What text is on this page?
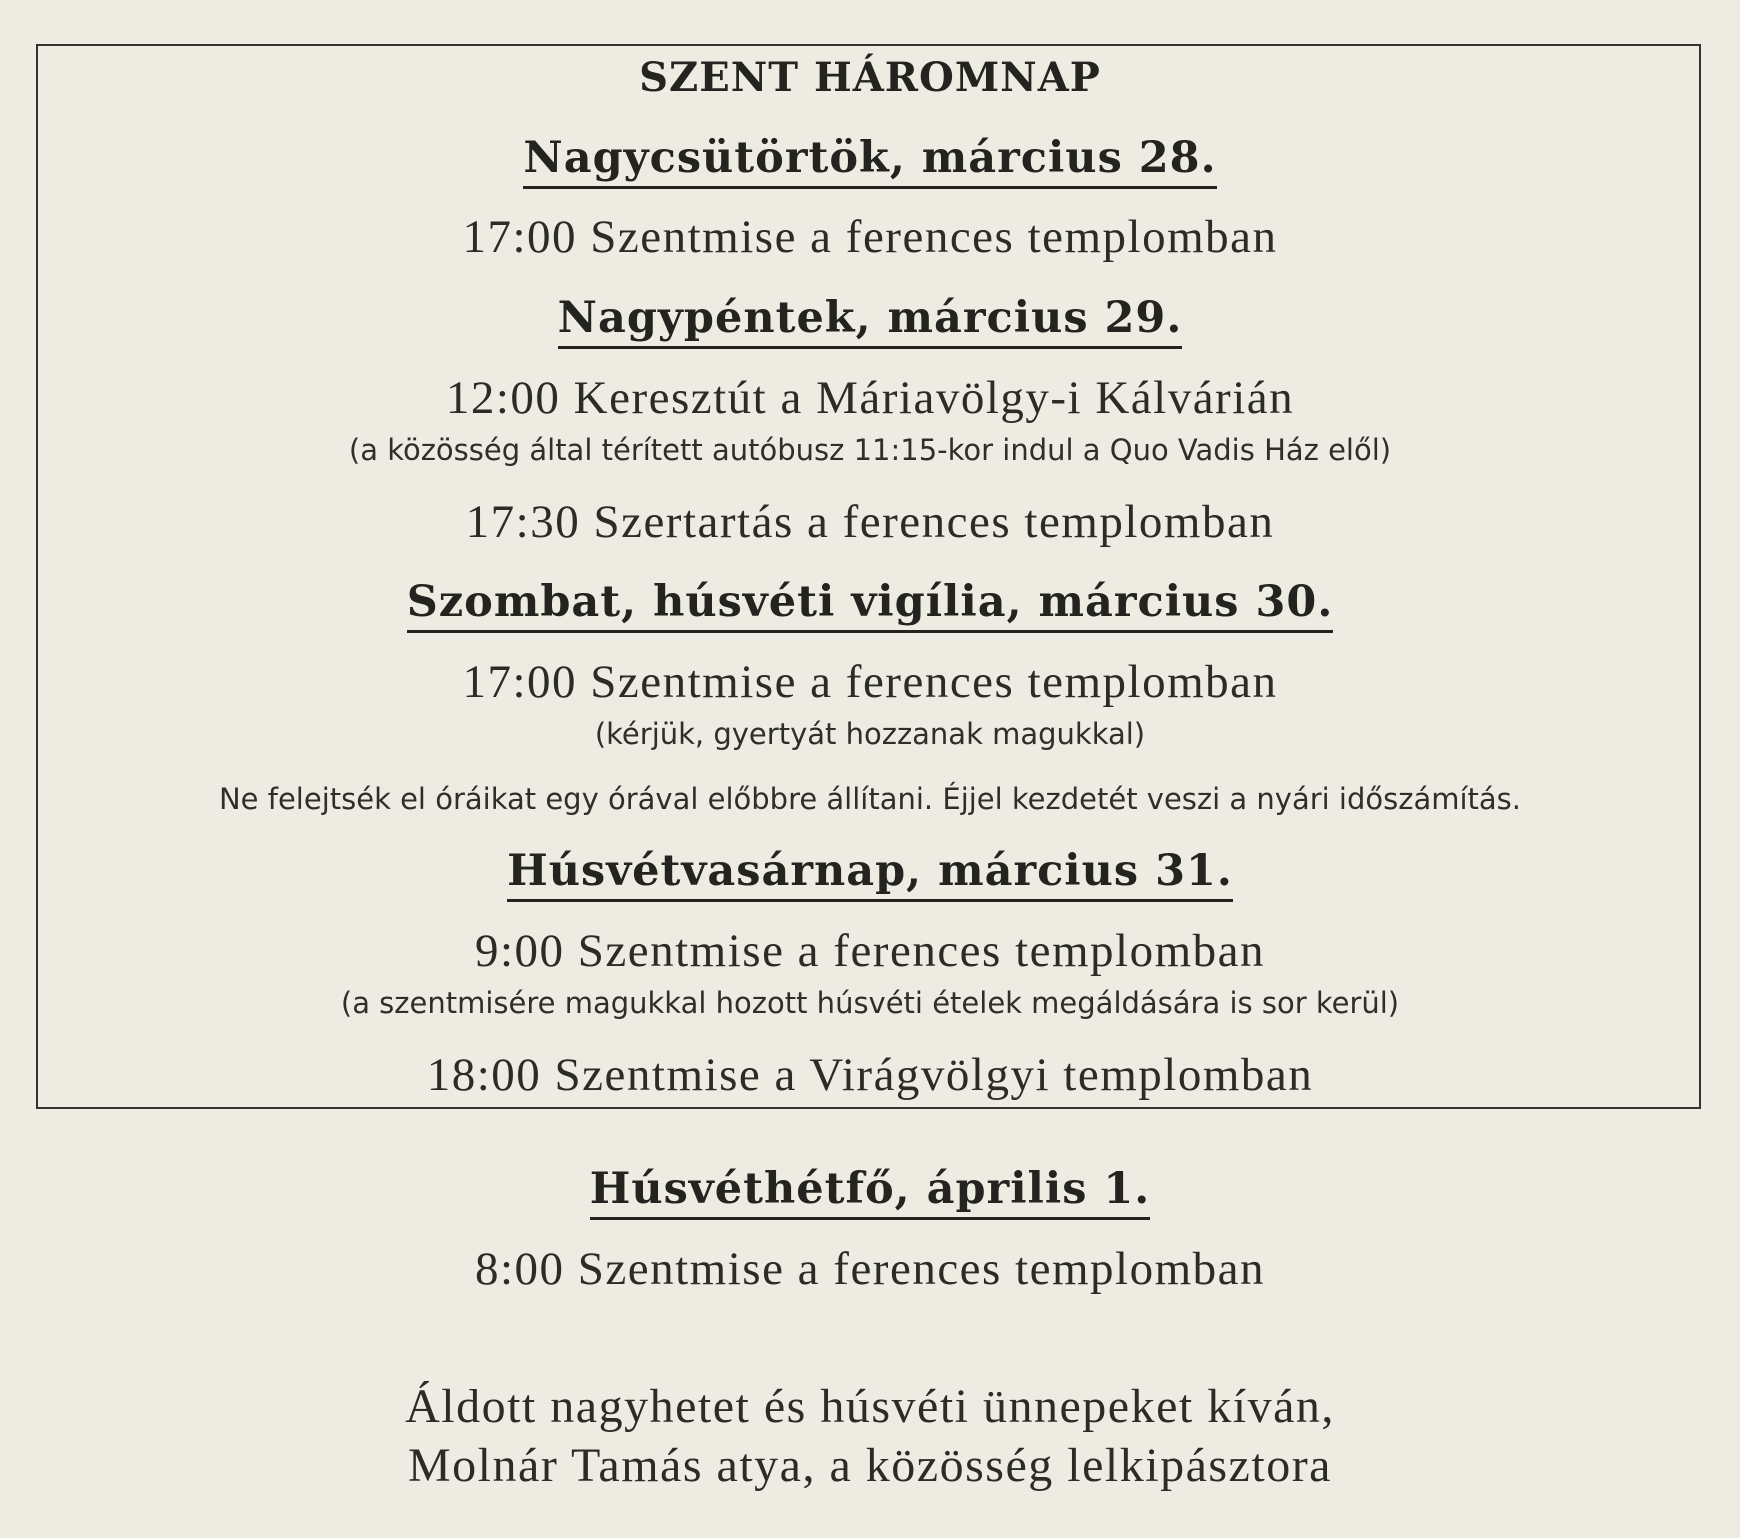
SZENT HÁROMNAP
Nagycsütörtök, március 28.
17:00 Szentmise a ferences templomban
Nagypéntek, március 29.
12:00 Keresztút a Máriavölgy-i Kálvárián
(a közösség által térített autóbusz 11:15-kor indul a Quo Vadis Ház elől)
17:30 Szertartás a ferences templomban
Szombat, húsvéti vigília, március 30.
17:00 Szentmise a ferences templomban
(kérjük, gyertyát hozzanak magukkal)
Ne felejtsék el óráikat egy órával előbbre állítani. Éjjel kezdetét veszi a nyári időszámítás.
Húsvétvasárnap, március 31.
9:00 Szentmise a ferences templomban
(a szentmisére magukkal hozott húsvéti ételek megáldására is sor kerül)
18:00 Szentmise a Virágvölgyi templomban
Húsvéthétfő, április 1.
8:00 Szentmise a ferences templomban
Áldott nagyhetet és húsvéti ünnepeket kíván,
Molnár Tamás atya, a közösség lelkipásztora
